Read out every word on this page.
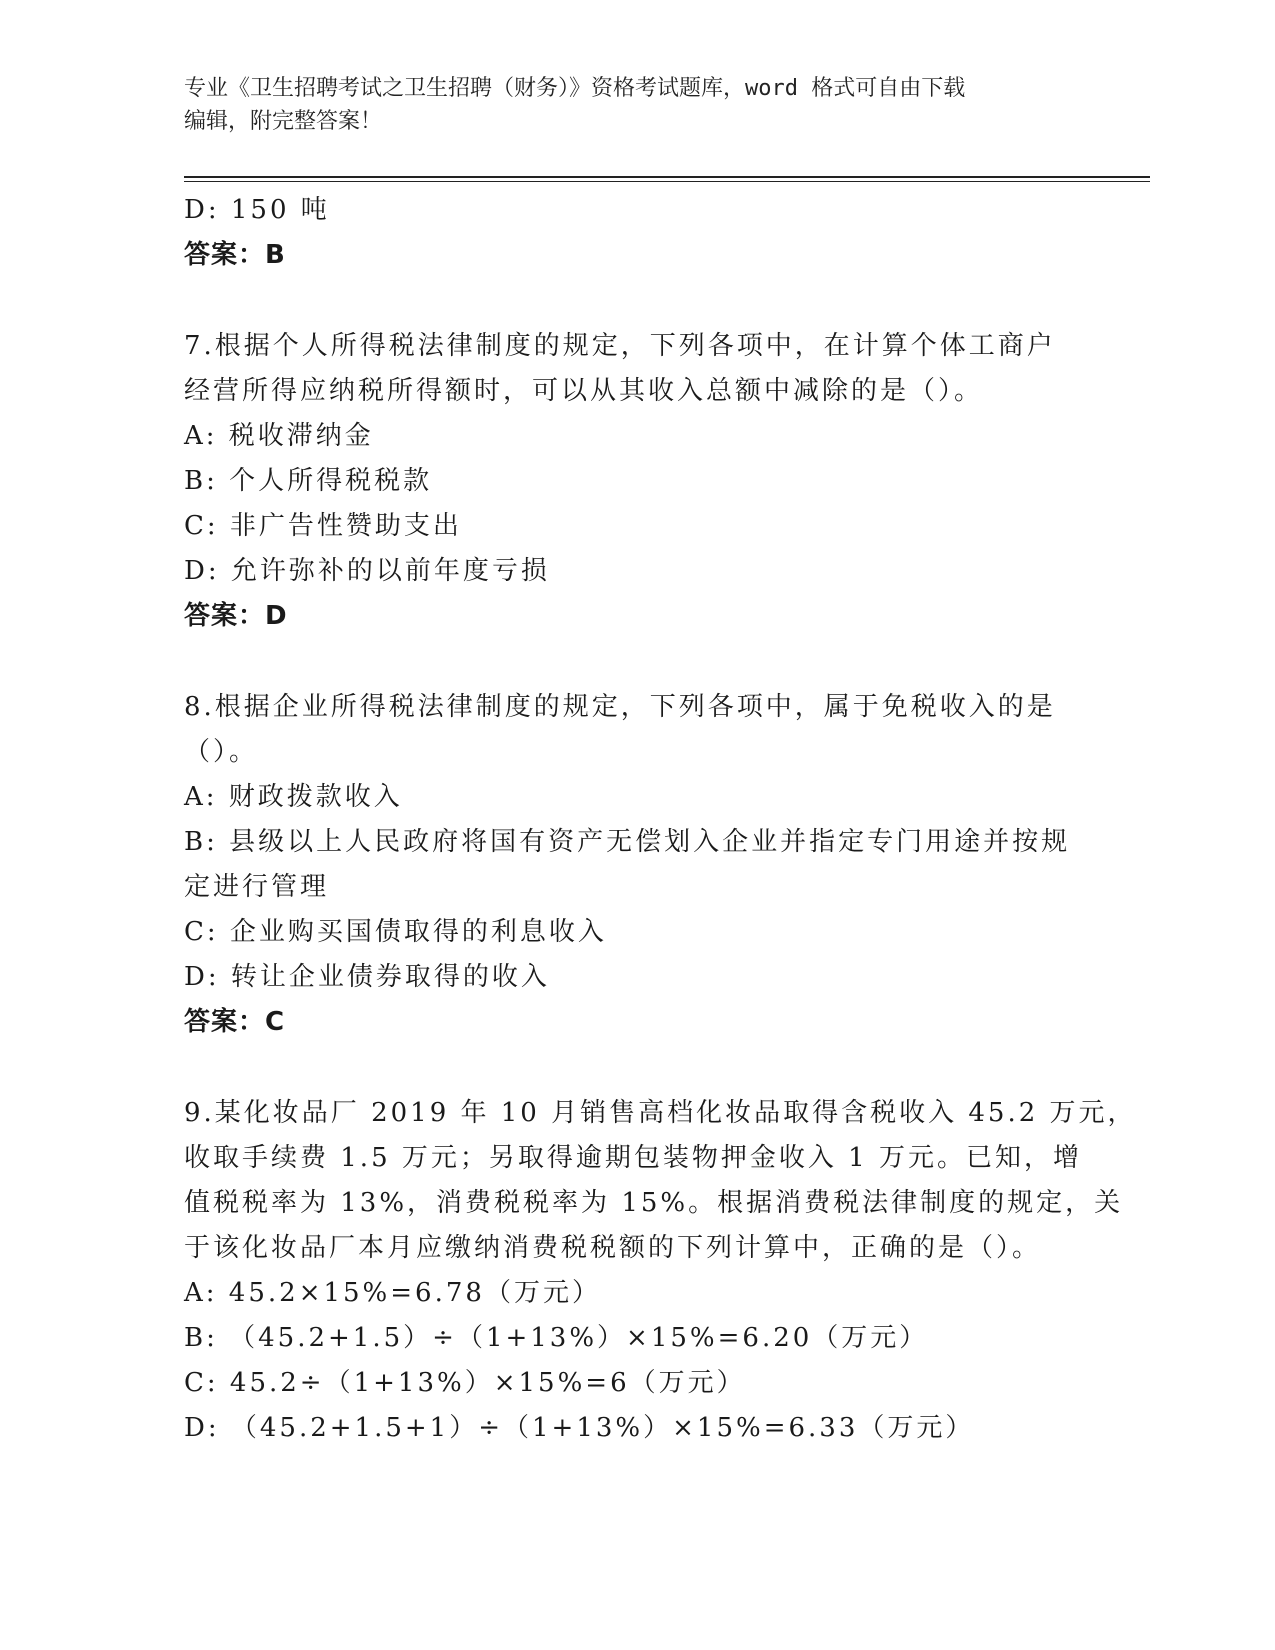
专业《卫生招聘考试之卫生招聘（财务）》资格考试题库，word 格式可自由下载
编辑，附完整答案！
D: 150 吨
答案：B
7.根据个人所得税法律制度的规定，下列各项中，在计算个体工商户
经营所得应纳税所得额时，可以从其收入总额中减除的是（）。
A: 税收滞纳金
B: 个人所得税税款
C: 非广告性赞助支出
D: 允许弥补的以前年度亏损
答案：D
8.根据企业所得税法律制度的规定，下列各项中，属于免税收入的是
（）。
A: 财政拨款收入
B: 县级以上人民政府将国有资产无偿划入企业并指定专门用途并按规
定进行管理
C: 企业购买国债取得的利息收入
D: 转让企业债券取得的收入
答案：C
9.某化妆品厂 2019 年 10 月销售高档化妆品取得含税收入 45.2 万元，
收取手续费 1.5 万元；另取得逾期包装物押金收入 1 万元。已知，增
值税税率为 13%，消费税税率为 15%。根据消费税法律制度的规定，关
于该化妆品厂本月应缴纳消费税税额的下列计算中，正确的是（）。
A: 45.2×15%=6.78（万元）
B: （45.2+1.5）÷（1+13%）×15%=6.20（万元）
C: 45.2÷（1+13%）×15%=6（万元）
D: （45.2+1.5+1）÷（1+13%）×15%=6.33（万元）
